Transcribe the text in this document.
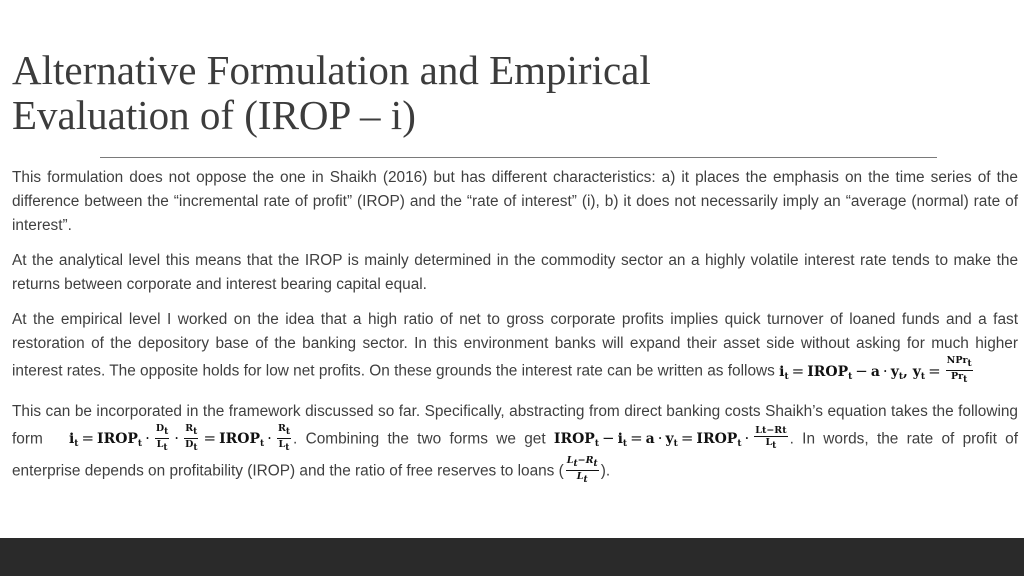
Alternative Formulation and Empirical
Evaluation of (IROP – i)

This formulation does not oppose the one in Shaikh (2016) but has different characteristics: a) it places the emphasis on the time series of the difference between the “incremental rate of profit” (IROP) and the “rate of interest” (i), b) it does not necessarily imply an “average (normal) rate of interest”.

At the analytical level this means that the IROP is mainly determined in the commodity sector an a highly volatile interest rate tends to make the returns between corporate and interest bearing capital equal.

At the empirical level I worked on the idea that a high ratio of net to gross corporate profits implies quick turnover of loaned funds and a fast restoration of the depository base of the banking sector. In this environment banks will expand their asset side without asking for much higher interest rates. The opposite holds for low net profits. On these grounds the interest rate can be written as follows $i_t$ = $IROP_t - a \cdot y_t$, $y_t = \frac{NPr_t}{Pr_t}$

This can be incorporated in the framework discussed so far. Specifically, abstracting from direct banking costs Shaikh’s equation takes the following form $i_t$ = $IROP_t \cdot \frac{D_t}{L_t} \cdot \frac{R_t}{D_t}$ = $IROP_t \cdot \frac{R_t}{L_t}$ . Combining the two forms we get $IROP_t - i_t = a \cdot y_t$ = $IROP_t \cdot \frac{Lt-Rt}{L_t}$ . In words, the rate of profit of enterprise depends on profitability (IROP) and the ratio of free reserves to loans ( $\frac{L_t-R_t}{L_t}$ ).
